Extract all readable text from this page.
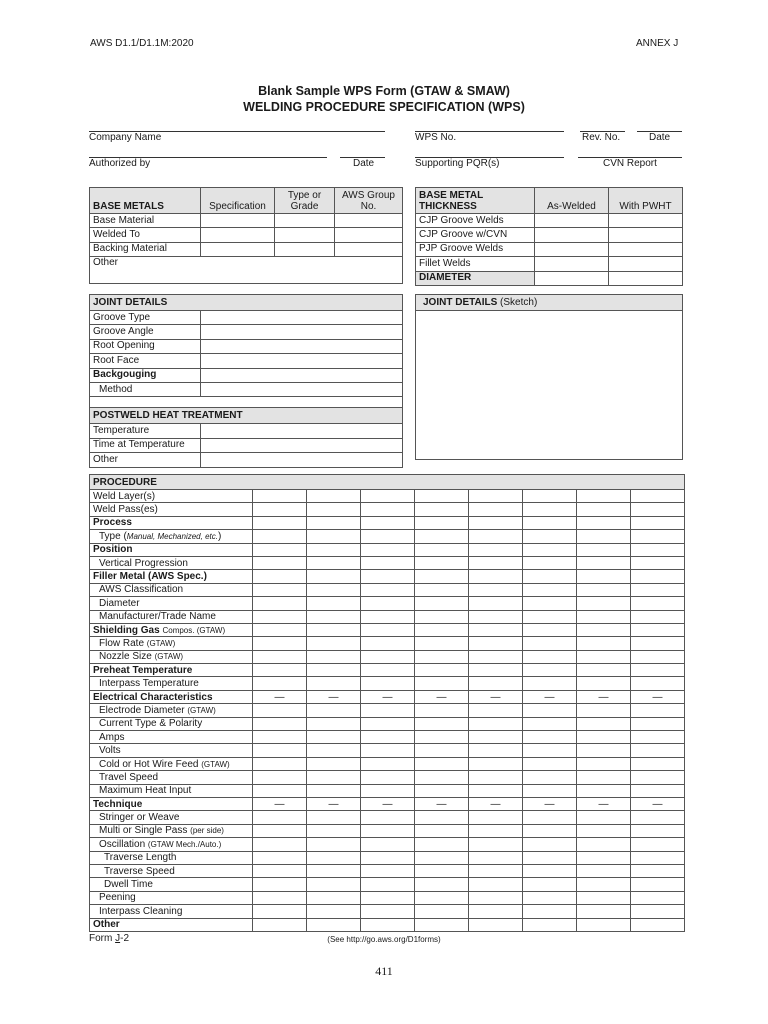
AWS D1.1/D1.1M:2020	ANNEX J
Blank Sample WPS Form (GTAW & SMAW)
WELDING PROCEDURE SPECIFICATION (WPS)
Company Name	WPS No.	Rev. No.	Date
Authorized by	Date	Supporting PQR(s)	CVN Report
BASE METALS	Specification	Type or Grade	AWS Group No.
Base Material			
Welded To			
Backing Material			
Other			
BASE METAL
THICKNESS	As-Welded	With PWHT
CJP Groove Welds		
CJP Groove w/CVN		
PJP Groove Welds		
Fillet Welds		
DIAMETER		
JOINT DETAILS	
Groove Type	
Groove Angle	
Root Opening	
Root Face	
Backgouging	
Method	

POSTWELD HEAT TREATMENT	
Temperature	
Time at Temperature	
Other	
JOINT DETAILS (Sketch)
PROCEDURE								
Weld Layer(s)								
Weld Pass(es)								
Process								
Type (Manual, Mechanized, etc.)								
Position								
Vertical Progression								
Filler Metal (AWS Spec.)								
AWS Classification								
Diameter								
Manufacturer/Trade Name								
Shielding Gas Compos. (GTAW)								
Flow Rate (GTAW)								
Nozzle Size (GTAW)								
Preheat Temperature								
Interpass Temperature								
Electrical Characteristics	—	—	—	—	—	—	—	—
Electrode Diameter (GTAW)								
Current Type & Polarity								
Amps								
Volts								
Cold or Hot Wire Feed (GTAW)								
Travel Speed								
Maximum Heat Input								
Technique	—	—	—	—	—	—	—	—
Stringer or Weave								
Multi or Single Pass (per side)								
Oscillation (GTAW Mech./Auto.)								
Traverse Length								
Traverse Speed								
Dwell Time								
Peening								
Interpass Cleaning								
Other								
Form J-2	(See http://go.aws.org/D1forms)
411
